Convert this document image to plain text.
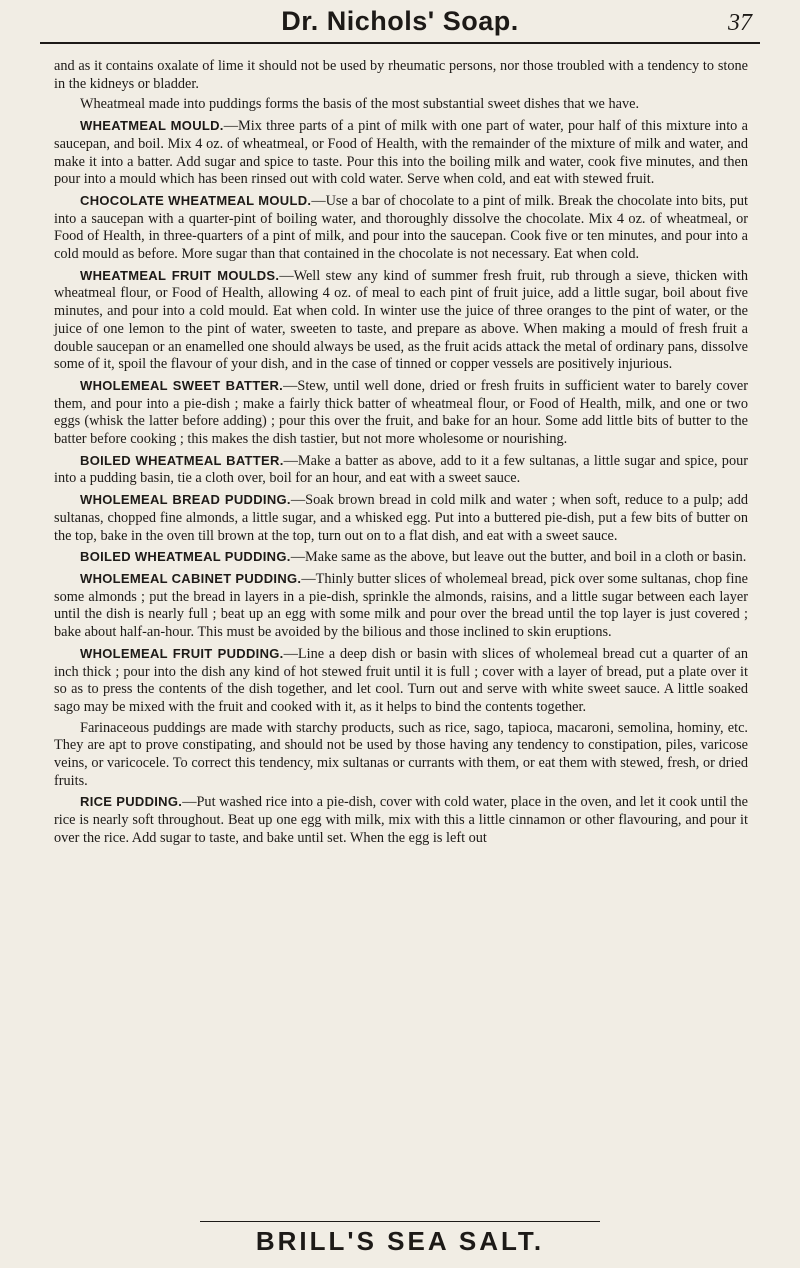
Dr. Nichols' Soap.	37

and as it contains oxalate of lime it should not be used by rheumatic persons, nor those troubled with a tendency to stone in the kidneys or bladder.

Wheatmeal made into puddings forms the basis of the most substantial sweet dishes that we have.

WHEATMEAL MOULD.—Mix three parts of a pint of milk with one part of water, pour half of this mixture into a saucepan, and boil. Mix 4 oz. of wheatmeal, or Food of Health, with the remainder of the mixture of milk and water, and make it into a batter. Add sugar and spice to taste. Pour this into the boiling milk and water, cook five minutes, and then pour into a mould which has been rinsed out with cold water. Serve when cold, and eat with stewed fruit.

CHOCOLATE WHEATMEAL MOULD.—Use a bar of chocolate to a pint of milk. Break the chocolate into bits, put into a saucepan with a quarter-pint of boiling water, and thoroughly dissolve the chocolate. Mix 4 oz. of wheatmeal, or Food of Health, in three-quarters of a pint of milk, and pour into the saucepan. Cook five or ten minutes, and pour into a cold mould as before. More sugar than that contained in the chocolate is not necessary. Eat when cold.

WHEATMEAL FRUIT MOULDS.—Well stew any kind of summer fresh fruit, rub through a sieve, thicken with wheatmeal flour, or Food of Health, allowing 4 oz. of meal to each pint of fruit juice, add a little sugar, boil about five minutes, and pour into a cold mould. Eat when cold. In winter use the juice of three oranges to the pint of water, or the juice of one lemon to the pint of water, sweeten to taste, and prepare as above. When making a mould of fresh fruit a double saucepan or an enamelled one should always be used, as the fruit acids attack the metal of ordinary pans, dissolve some of it, spoil the flavour of your dish, and in the case of tinned or copper vessels are positively injurious.

WHOLEMEAL SWEET BATTER.—Stew, until well done, dried or fresh fruits in sufficient water to barely cover them, and pour into a pie-dish ; make a fairly thick batter of wheatmeal flour, or Food of Health, milk, and one or two eggs (whisk the latter before adding) ; pour this over the fruit, and bake for an hour. Some add little bits of butter to the batter before cooking ; this makes the dish tastier, but not more wholesome or nourishing.

BOILED WHEATMEAL BATTER.—Make a batter as above, add to it a few sultanas, a little sugar and spice, pour into a pudding basin, tie a cloth over, boil for an hour, and eat with a sweet sauce.

WHOLEMEAL BREAD PUDDING.—Soak brown bread in cold milk and water ; when soft, reduce to a pulp; add sultanas, chopped fine almonds, a little sugar, and a whisked egg. Put into a buttered pie-dish, put a few bits of butter on the top, bake in the oven till brown at the top, turn out on to a flat dish, and eat with a sweet sauce.

BOILED WHEATMEAL PUDDING.—Make same as the above, but leave out the butter, and boil in a cloth or basin.

WHOLEMEAL CABINET PUDDING.—Thinly butter slices of wholemeal bread, pick over some sultanas, chop fine some almonds ; put the bread in layers in a pie-dish, sprinkle the almonds, raisins, and a little sugar between each layer until the dish is nearly full ; beat up an egg with some milk and pour over the bread until the top layer is just covered ; bake about half-an-hour. This must be avoided by the bilious and those inclined to skin eruptions.

WHOLEMEAL FRUIT PUDDING.—Line a deep dish or basin with slices of wholemeal bread cut a quarter of an inch thick ; pour into the dish any kind of hot stewed fruit until it is full ; cover with a layer of bread, put a plate over it so as to press the contents of the dish together, and let cool. Turn out and serve with white sweet sauce. A little soaked sago may be mixed with the fruit and cooked with it, as it helps to bind the contents together.

Farinaceous puddings are made with starchy products, such as rice, sago, tapioca, macaroni, semolina, hominy, etc. They are apt to prove constipating, and should not be used by those having any tendency to constipation, piles, varicose veins, or varicocele. To correct this tendency, mix sultanas or currants with them, or eat them with stewed, fresh, or dried fruits.

RICE PUDDING.—Put washed rice into a pie-dish, cover with cold water, place in the oven, and let it cook until the rice is nearly soft throughout. Beat up one egg with milk, mix with this a little cinnamon or other flavouring, and pour it over the rice. Add sugar to taste, and bake until set. When the egg is left out

BRILL'S SEA SALT.
